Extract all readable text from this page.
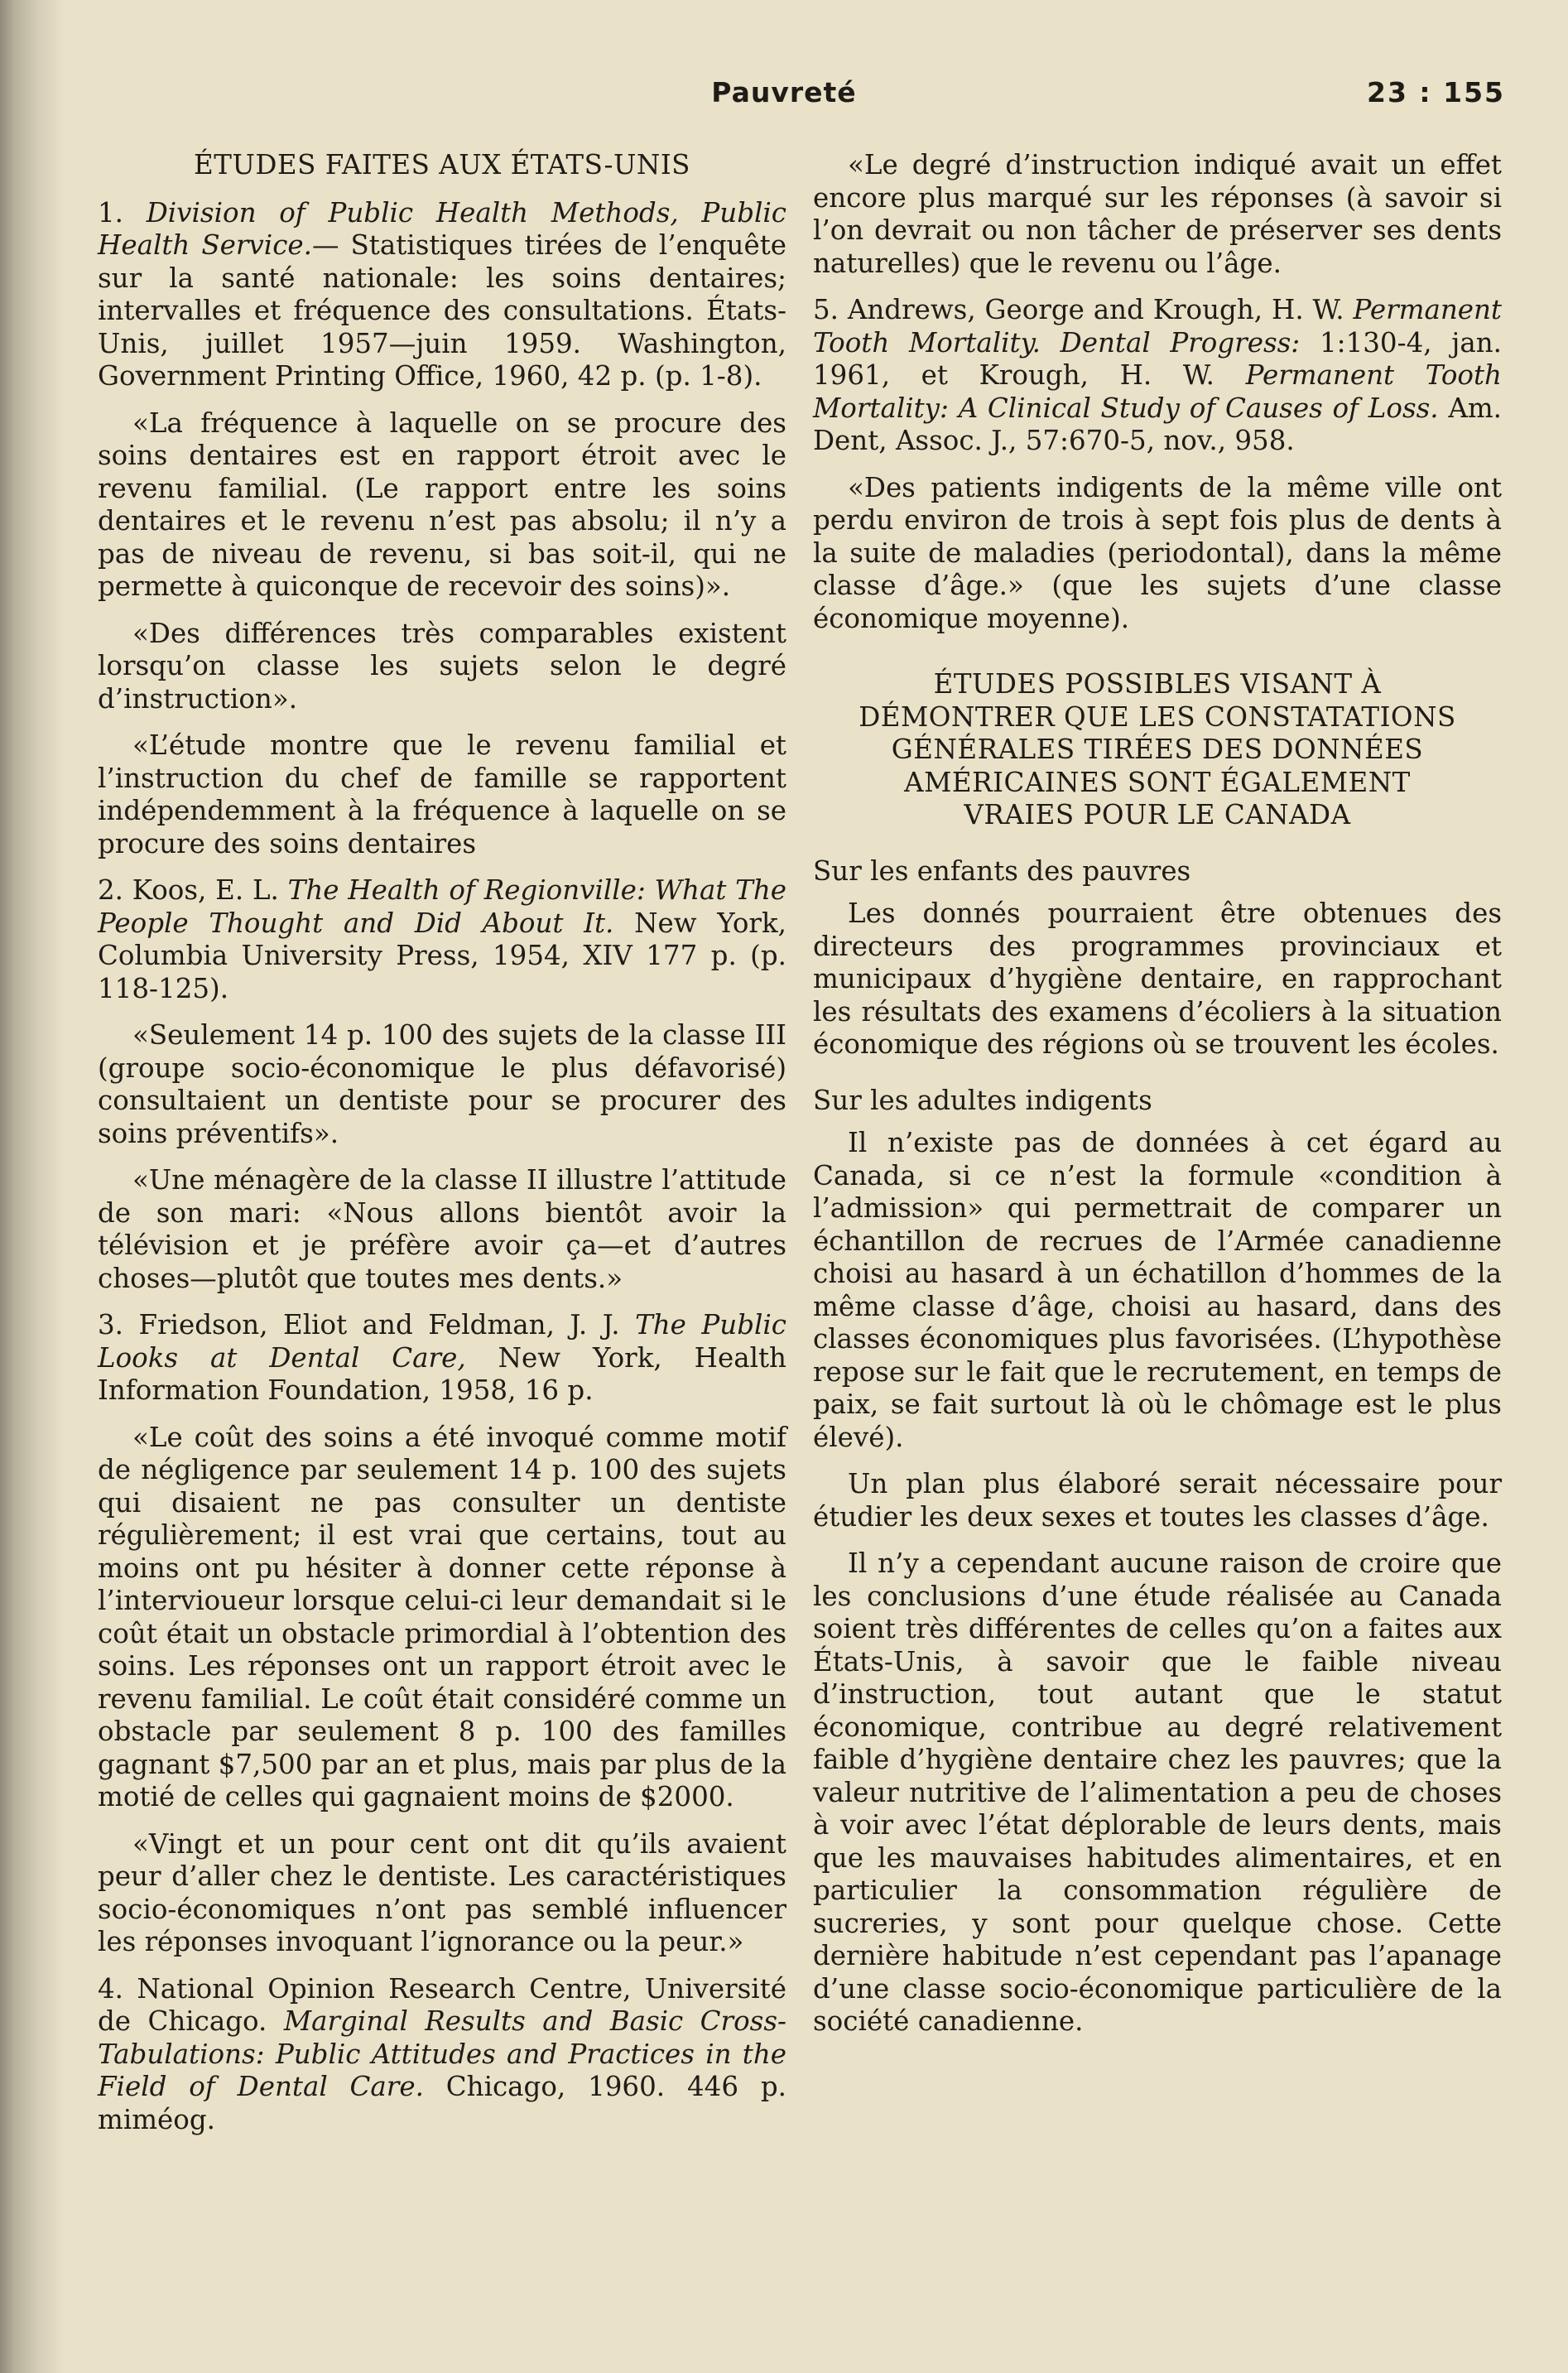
Pauvreté	23 : 155
ÉTUDES FAITES AUX ÉTATS-UNIS

1. Division of Public Health Methods, Public Health Service.— Statistiques tirées de l’enquête sur la santé nationale: les soins dentaires; intervalles et fréquence des consultations. États-Unis, juillet 1957—juin 1959. Washington, Government Printing Office, 1960, 42 p. (p. 1-8).

«La fréquence à laquelle on se procure des soins dentaires est en rapport étroit avec le revenu familial. (Le rapport entre les soins dentaires et le revenu n’est pas absolu; il n’y a pas de niveau de revenu, si bas soit-il, qui ne permette à quiconque de recevoir des soins)».

«Des différences très comparables existent lorsqu’on classe les sujets selon le degré d’instruction».

«L’étude montre que le revenu familial et l’instruction du chef de famille se rapportent indépendemment à la fréquence à laquelle on se procure des soins dentaires

2. Koos, E. L. The Health of Regionville: What The People Thought and Did About It. New York, Columbia University Press, 1954, XIV 177 p. (p. 118-125).

«Seulement 14 p. 100 des sujets de la classe III (groupe socio-économique le plus défavorisé) consultaient un dentiste pour se procurer des soins préventifs».

«Une ménagère de la classe II illustre l’attitude de son mari: «Nous allons bientôt avoir la télévision et je préfère avoir ça—et d’autres choses—plutôt que toutes mes dents.»

3. Friedson, Eliot and Feldman, J. J. The Public Looks at Dental Care, New York, Health Information Foundation, 1958, 16 p.

«Le coût des soins a été invoqué comme motif de négligence par seulement 14 p. 100 des sujets qui disaient ne pas consulter un dentiste régulièrement; il est vrai que certains, tout au moins ont pu hésiter à donner cette réponse à l’intervioueur lorsque celui-ci leur demandait si le coût était un obstacle primordial à l’obtention des soins. Les réponses ont un rapport étroit avec le revenu familial. Le coût était considéré comme un obstacle par seulement 8 p. 100 des familles gagnant $7,500 par an et plus, mais par plus de la motié de celles qui gagnaient moins de $2000.

«Vingt et un pour cent ont dit qu’ils avaient peur d’aller chez le dentiste. Les caractéristiques socio-économiques n’ont pas semblé influencer les réponses invoquant l’ignorance ou la peur.»

4. National Opinion Research Centre, Université de Chicago. Marginal Results and Basic Cross-Tabulations: Public Attitudes and Practices in the Field of Dental Care. Chicago, 1960. 446 p. miméog.

«Le degré d’instruction indiqué avait un effet encore plus marqué sur les réponses (à savoir si l’on devrait ou non tâcher de préserver ses dents naturelles) que le revenu ou l’âge.

5. Andrews, George and Krough, H. W. Permanent Tooth Mortality. Dental Progress: 1:130-4, jan. 1961, et Krough, H. W. Permanent Tooth Mortality: A Clinical Study of Causes of Loss. Am. Dent, Assoc. J., 57:670-5, nov., 958.

«Des patients indigents de la même ville ont perdu environ de trois à sept fois plus de dents à la suite de maladies (periodontal), dans la même classe d’âge.» (que les sujets d’une classe économique moyenne).

ÉTUDES POSSIBLES VISANT À
DÉMONTRER QUE LES CONSTATATIONS
GÉNÉRALES TIRÉES DES DONNÉES
AMÉRICAINES SONT ÉGALEMENT
VRAIES POUR LE CANADA
Sur les enfants des pauvres

Les donnés pourraient être obtenues des directeurs des programmes provinciaux et municipaux d’hygiène dentaire, en rapprochant les résultats des examens d’écoliers à la situation économique des régions où se trouvent les écoles.

Sur les adultes indigents

Il n’existe pas de données à cet égard au Canada, si ce n’est la formule «condition à l’admission» qui permettrait de comparer un échantillon de recrues de l’Armée canadienne choisi au hasard à un échatillon d’hommes de la même classe d’âge, choisi au hasard, dans des classes économiques plus favorisées. (L’hypothèse repose sur le fait que le recrutement, en temps de paix, se fait surtout là où le chômage est le plus élevé).

Un plan plus élaboré serait nécessaire pour étudier les deux sexes et toutes les classes d’âge.

Il n’y a cependant aucune raison de croire que les conclusions d’une étude réalisée au Canada soient très différentes de celles qu’on a faites aux États-Unis, à savoir que le faible niveau d’instruction, tout autant que le statut économique, contribue au degré relativement faible d’hygiène dentaire chez les pauvres; que la valeur nutritive de l’alimentation a peu de choses à voir avec l’état déplorable de leurs dents, mais que les mauvaises habitudes alimentaires, et en particulier la consommation régulière de sucreries, y sont pour quelque chose. Cette dernière habitude n’est cependant pas l’apanage d’une classe socio-économique particulière de la société canadienne.
